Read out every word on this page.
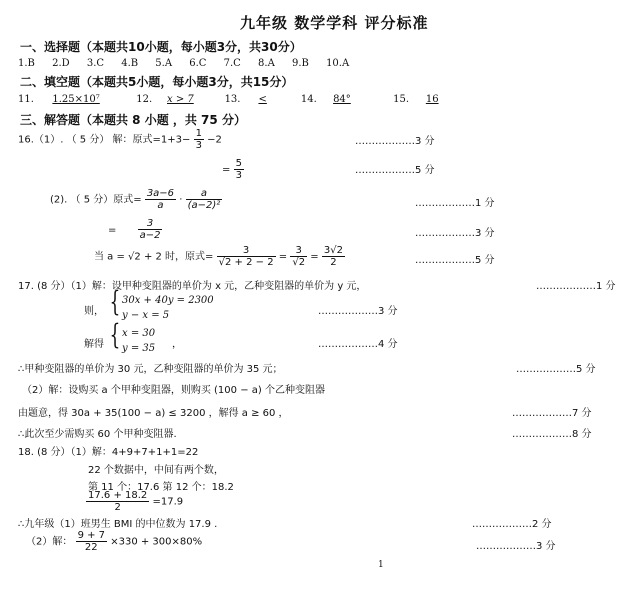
九年级 数学学科 评分标准
一、选择题（本题共10小题，每小题3分，共30分）
1.B 2.D 3.C 4.B 5.A 6.C 7.C 8.A 9.B 10.A
二、填空题（本题共5小题，每小题3分，共15分）
11. 1.25×10⁷	12. x > 7	13. <	14. 84°	15. 16
三、解答题（本题共 8 小题 ，共 75 分）
16.（1）. （ 5 分） 解：原式$=1+3- \frac{1}{3} -2$	………………3 分
= $\frac{5}{3}$	………………5 分
(2). （ 5 分）原式= $\frac{3a-6}{a} \cdot \frac{a}{\text{(a−2)²}}$	………………1 分
= $\frac{3}{a-2}$	………………3 分
当 a = √2 + 2 时，原式= $\frac{3}{√2 + 2 - 2} = \frac{3}{√2} = \frac{3√2}{2}$	………………5 分
17. (8 分）（1）解：设甲种变阻器的单价为 x 元，乙种变阻器的单价为 y 元，	………………1 分
则， { 30x + 40y = 2300
y − x = 5	………………3 分
解得 { x = 30
y = 35 ，	………………4 分
∴甲种变阻器的单价为 30 元，乙种变阻器的单价为 35 元；	………………5 分
（2）解：设购买 a 个甲种变阻器，则购买 (100 − a) 个乙种变阻器
由题意，得 30a + 35(100 − a) ≤ 3200 ，解得 a ≥ 60 ，	………………7 分
∴此次至少需购买 60 个甲种变阻器.	………………8 分
18. (8 分）（1）解：4+9+7+1+1=22
22 个数据中，中间有两个数，
第 11 个：17.6 第 12 个：18.2
$\frac{17.6 + 18.2}{2} =17.9$
∴九年级（1）班男生 BMI 的中位数为 17.9 .	………………2 分
（2）解： $\frac{9 + 7}{22} \times 330 + 300\times 80\%$	………………3 分
1
